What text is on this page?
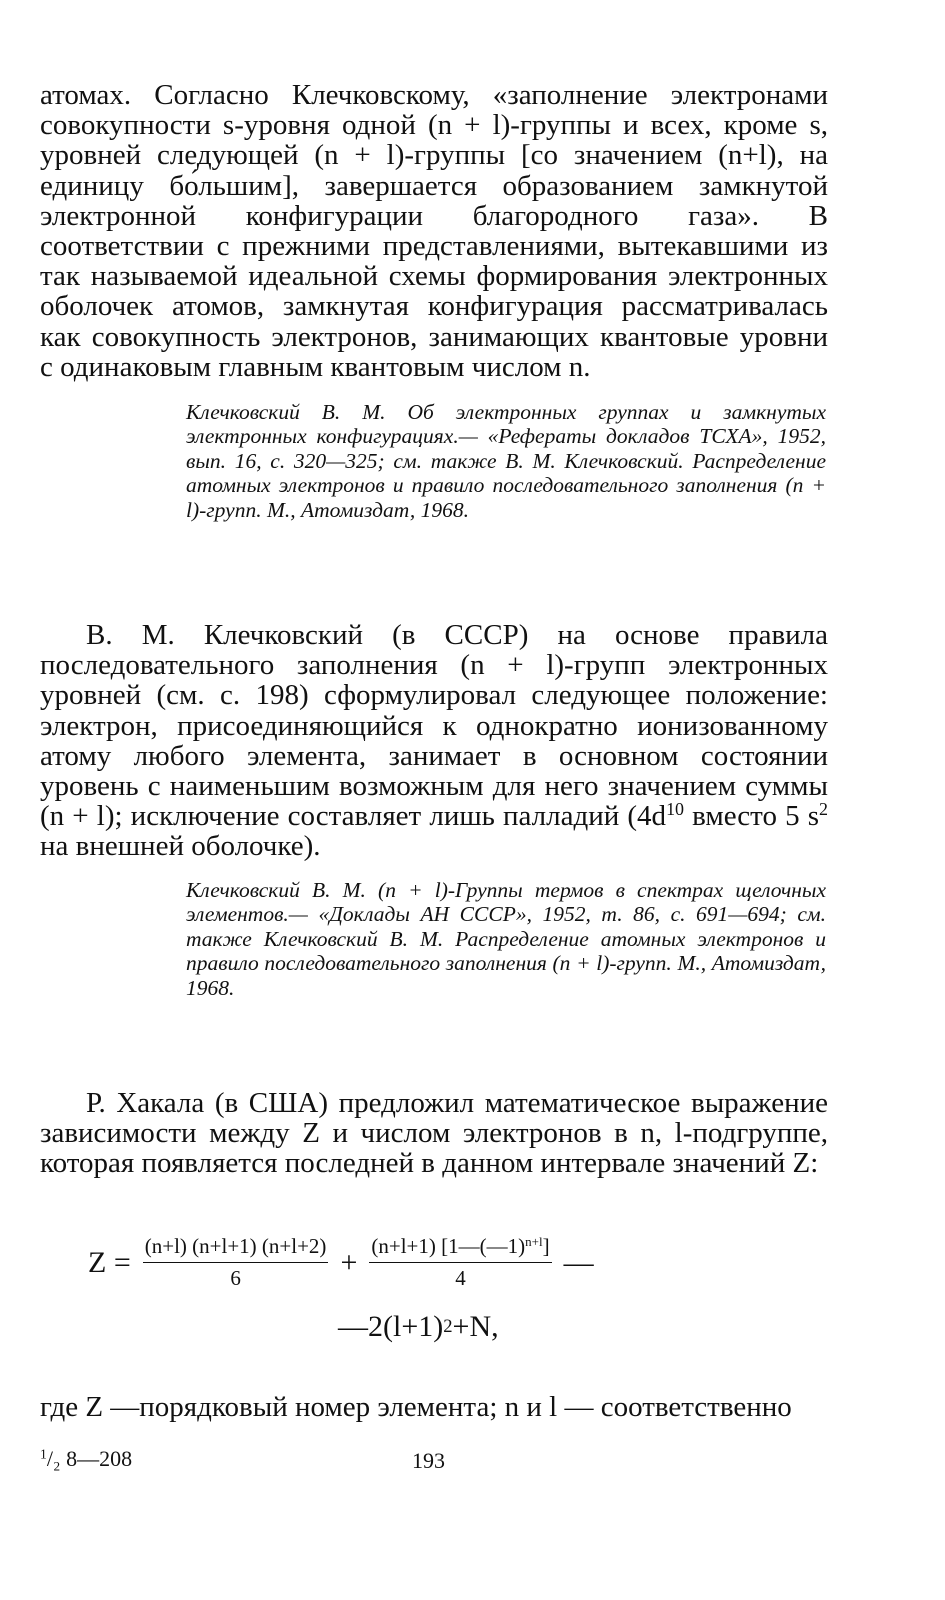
атомах. Согласно Клечковскому, «заполнение электронами совокупности s-уровня одной (n + l)-группы и всех, кроме s, уровней следующей (n + l)-группы [со значением (n+l), на единицу бо́льшим], завершается образованием замкнутой электронной конфигурации благородного газа». В соответствии с прежними представлениями, вытекавшими из так называемой идеальной схемы формирования электронных оболочек атомов, замкнутая конфигурация рассматривалась как совокупность электронов, занимающих квантовые уровни с одинаковым главным квантовым числом n.

Клечковский В. М. Об электронных группах и замкнутых электронных конфигурациях.— «Рефераты докладов ТСХА», 1952, вып. 16, с. 320—325; см. также В. М. Клечковский. Распределение атомных электронов и правило последовательного заполнения (n + l)-групп. М., Атомиздат, 1968.

В. М. Клечковский (в СССР) на основе правила последовательного заполнения (n + l)-групп электронных уровней (см. с. 198) сформулировал следующее положение: электрон, присоединяющийся к однократно ионизованному атому любого элемента, занимает в основном состоянии уровень с наименьшим возможным для него значением суммы (n + l); исключение составляет лишь палладий ($4d^{10}$ вместо 5 $s^2$ на внешней оболочке).

Клечковский В. М. (n + l)-Группы термов в спектрах щелочных элементов.— «Доклады АН СССР», 1952, т. 86, с. 691—694; см. также Клечковский В. М. Распределение атомных электронов и правило последовательного заполнения (n + l)-групп. М., Атомиздат, 1968.

Р. Хакала (в США) предложил математическое выражение зависимости между Z и числом электронов в n, l-подгруппе, которая появляется последней в данном интервале значений Z:

$Z = \frac{(n+l) (n+l+1) (n+l+2)}{6} + \frac{(n+l+1) [1—(—1)^{n+l}]}{4}$ —
—2(l+1) 2 +N,

где Z —порядковый номер элемента; n и l — соответственно

$^1$/₂ 8—208	193
